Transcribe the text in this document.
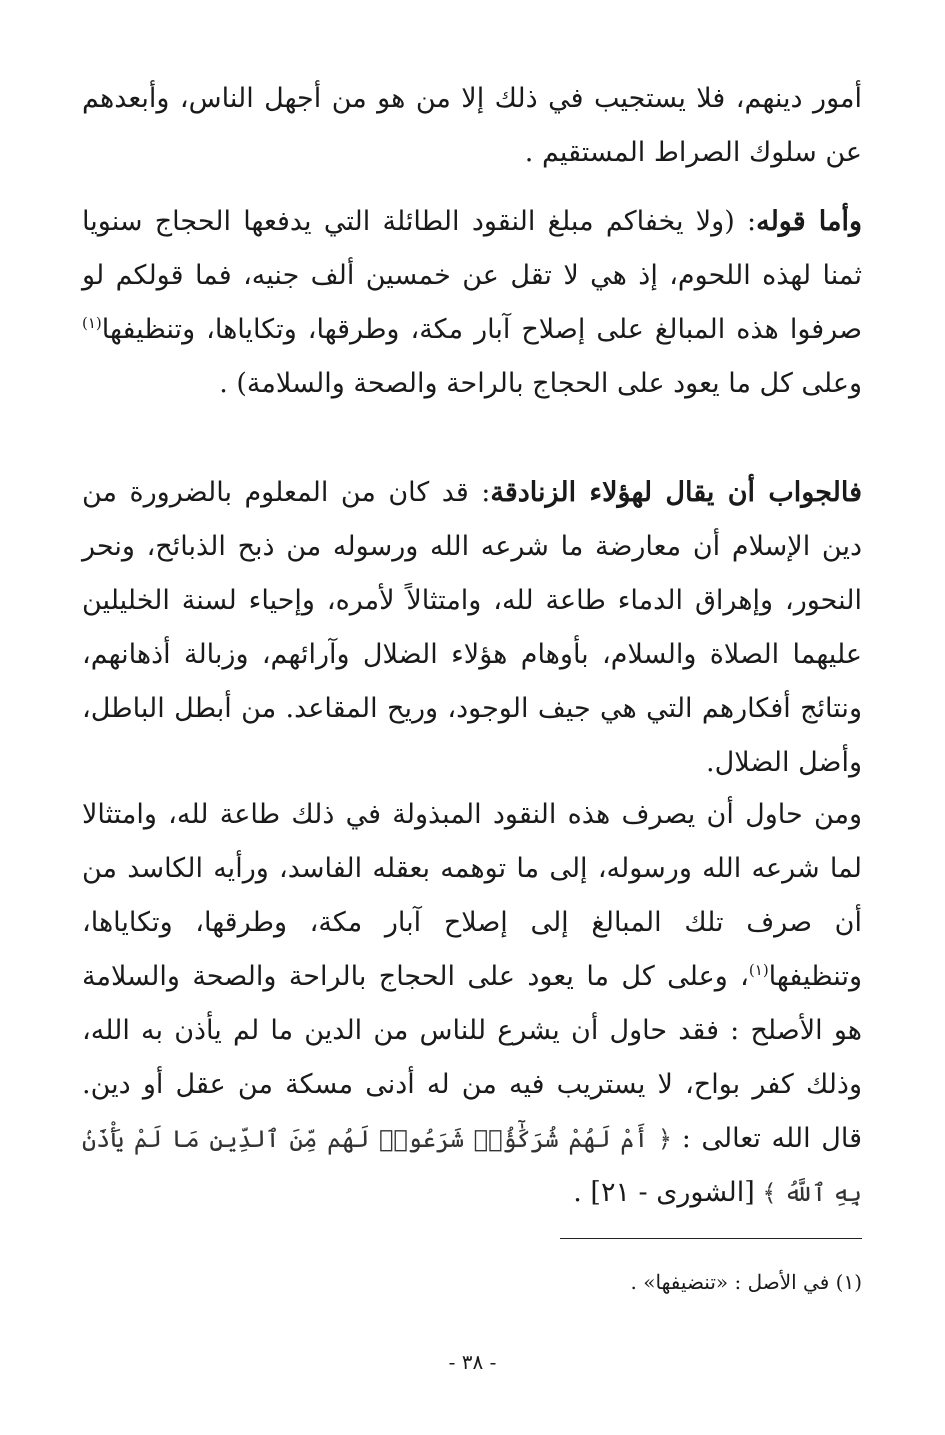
أمور دينهم، فلا يستجيب في ذلك إلا من هو من أجهل الناس، وأبعدهم عن سلوك الصراط المستقيم .

وأما قوله: (ولا يخفاكم مبلغ النقود الطائلة التي يدفعها الحجاج سنويا ثمنا لهذه اللحوم، إذ هي لا تقل عن خمسين ألف جنيه، فما قولكم لو صرفوا هذه المبالغ على إصلاح آبار مكة، وطرقها، وتكاياها، وتنظيفها$^{(١)}$ وعلى كل ما يعود على الحجاج بالراحة والصحة والسلامة) .

فالجواب أن يقال لهؤلاء الزنادقة: قد كان من المعلوم بالضرورة من دين الإسلام أن معارضة ما شرعه الله ورسوله من ذبح الذبائح، ونحر النحور، وإهراق الدماء طاعة لله، وامتثالاً لأمره، وإحياء لسنة الخليلين عليهما الصلاة والسلام، بأوهام هؤلاء الضلال وآرائهم، وزبالة أذهانهم، ونتائج أفكارهم التي هي جيف الوجود، وريح المقاعد. من أبطل الباطل، وأضل الضلال.

ومن حاول أن يصرف هذه النقود المبذولة في ذلك طاعة لله، وامتثالا لما شرعه الله ورسوله، إلى ما توهمه بعقله الفاسد، ورأيه الكاسد من أن صرف تلك المبالغ إلى إصلاح آبار مكة، وطرقها، وتكاياها، وتنظيفها$^{(١)}$، وعلى كل ما يعود على الحجاج بالراحة والصحة والسلامة هو الأصلح : فقد حاول أن يشرع للناس من الدين ما لم يأذن به الله، وذلك كفر بواح، لا يستريب فيه من له أدنى مسكة من عقل أو دين. قال الله تعالى : ﴿ أَمْ لَهُمْ شُرَكَٰٓؤُا۟ شَرَعُوا۟ لَهُم مِّنَ ٱلدِّينِ مَا لَمْ يَأْذَنۢ بِهِ ٱللَّهُ ﴾ [الشورى - ٢١] .

(١) في الأصل : «تنضيفها» .

- ٣٨ -
